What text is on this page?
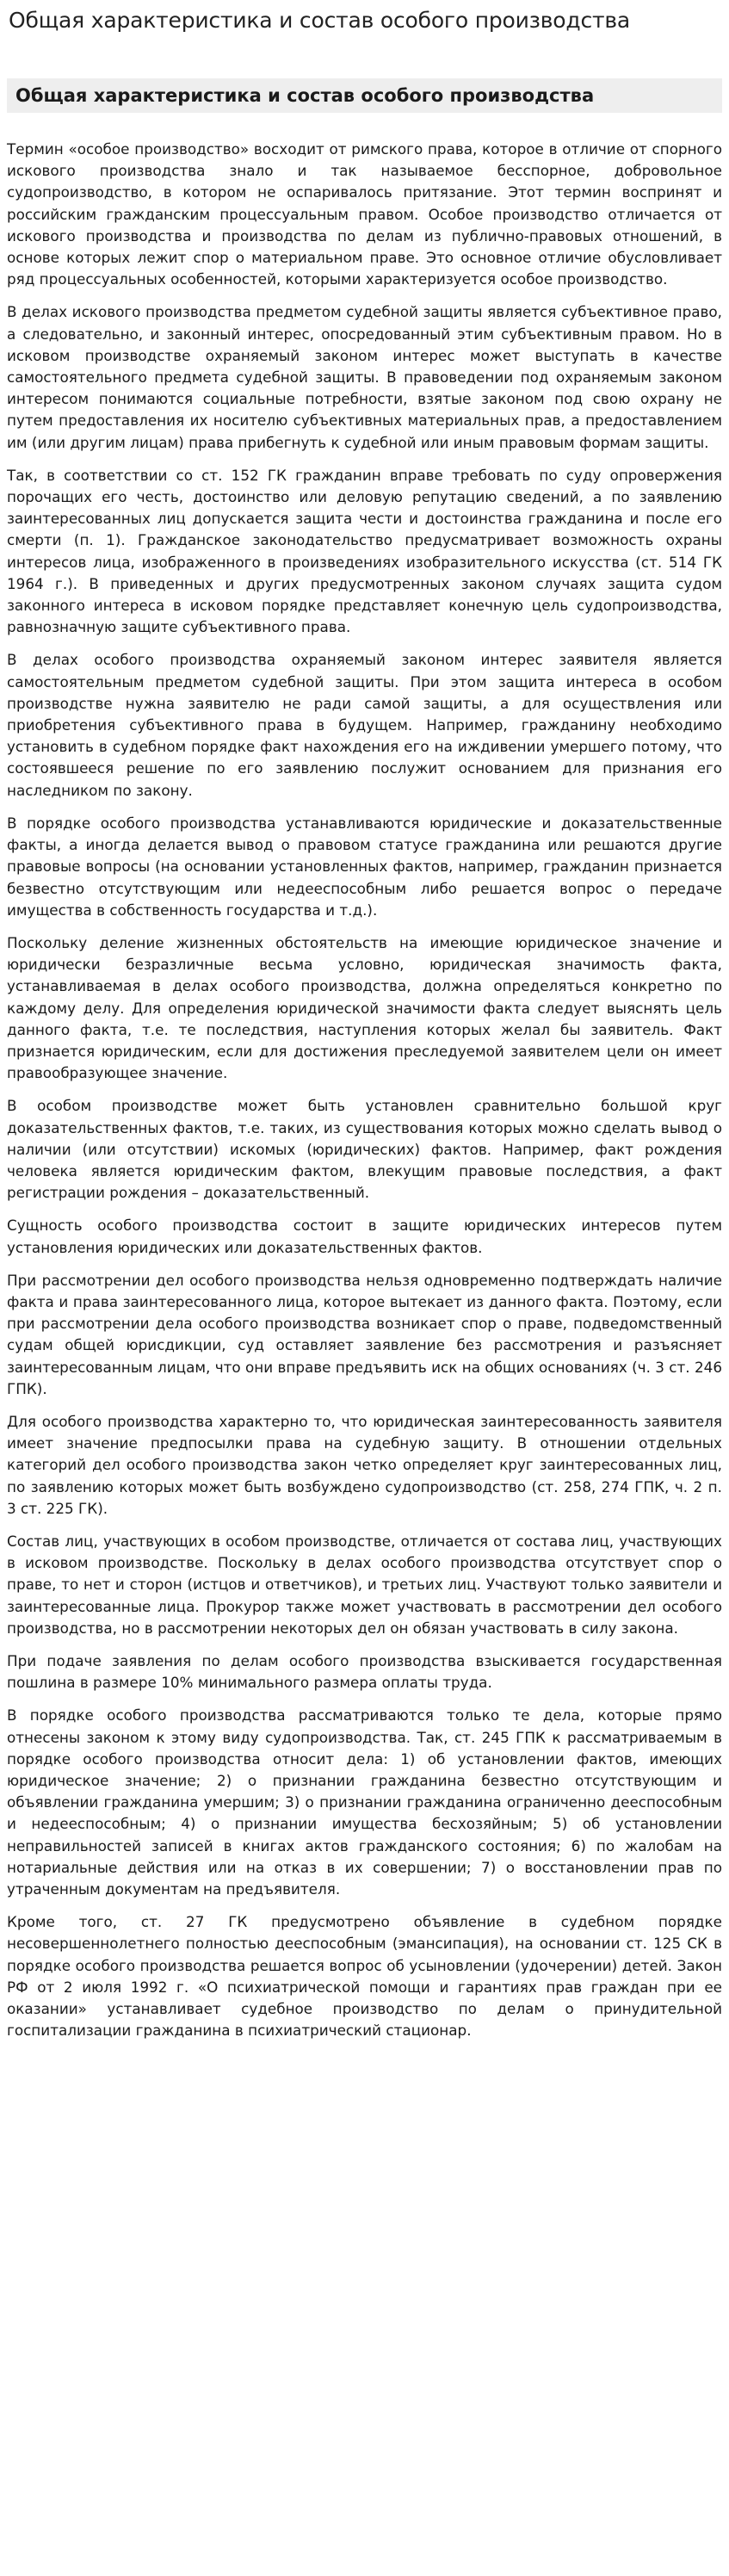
Общая характеристика и состав особого производства
Общая характеристика и состав особого производства

Термин «особое производство» восходит от римского права, которое в отличие от спорного искового производства знало и так называемое бесспорное, добровольное судопроизводство, в котором не оспаривалось притязание. Этот термин воспринят и российским гражданским процессуальным правом. Особое производство отличается от искового производства и производства по делам из публично-правовых отношений, в основе которых лежит спор о материальном праве. Это основное отличие обусловливает ряд процессуальных особенностей, которыми характеризуется особое производство.

В делах искового производства предметом судебной защиты является субъективное право, а следовательно, и законный интерес, опосредованный этим субъективным правом. Но в исковом производстве охраняемый законом интерес может выступать в качестве самостоятельного предмета судебной защиты. В правоведении под охраняемым законом интересом понимаются социальные потребности, взятые законом под свою охрану не путем предоставления их носителю субъективных материальных прав, а предоставлением им (или другим лицам) права прибегнуть к судебной или иным правовым формам защиты.

Так, в соответствии со ст. 152 ГК гражданин вправе требовать по суду опровержения порочащих его честь, достоинство или деловую репутацию сведений, а по заявлению заинтересованных лиц допускается защита чести и достоинства гражданина и после его смерти (п. 1). Гражданское законодательство предусматривает возможность охраны интересов лица, изображенного в произведениях изобразительного искусства (ст. 514 ГК 1964 г.). В приведенных и других предусмотренных законом случаях защита судом законного интереса в исковом порядке представляет конечную цель судопроизводства, равнозначную защите субъективного права.

В делах особого производства охраняемый законом интерес заявителя является самостоятельным предметом судебной защиты. При этом защита интереса в особом производстве нужна заявителю не ради самой защиты, а для осуществления или приобретения субъективного права в будущем. Например, гражданину необходимо установить в судебном порядке факт нахождения его на иждивении умершего потому, что состоявшееся решение по его заявлению послужит основанием для признания его наследником по закону.

В порядке особого производства устанавливаются юридические и доказательственные факты, а иногда делается вывод о правовом статусе гражданина или решаются другие правовые вопросы (на основании установленных фактов, например, гражданин признается безвестно отсутствующим или недееспособным либо решается вопрос о передаче имущества в собственность государства и т.д.).

Поскольку деление жизненных обстоятельств на имеющие юридическое значение и юридически безразличные весьма условно, юридическая значимость факта, устанавливаемая в делах особого производства, должна определяться конкретно по каждому делу. Для определения юридической значимости факта следует выяснять цель данного факта, т.е. те последствия, наступления которых желал бы заявитель. Факт признается юридическим, если для достижения преследуемой заявителем цели он имеет правообразующее значение.

В особом производстве может быть установлен сравнительно большой круг доказательственных фактов, т.е. таких, из существования которых можно сделать вывод о наличии (или отсутствии) искомых (юридических) фактов. Например, факт рождения человека является юридическим фактом, влекущим правовые последствия, а факт регистрации рождения – доказательственный.

Сущность особого производства состоит в защите юридических интересов путем установления юридических или доказательственных фактов.

При рассмотрении дел особого производства нельзя одновременно подтверждать наличие факта и права заинтересованного лица, которое вытекает из данного факта. Поэтому, если при рассмотрении дела особого производства возникает спор о праве, подведомственный судам общей юрисдикции, суд оставляет заявление без рассмотрения и разъясняет заинтересованным лицам, что они вправе предъявить иск на общих основаниях (ч. 3 ст. 246 ГПК).

Для особого производства характерно то, что юридическая заинтересованность заявителя имеет значение предпосылки права на судебную защиту. В отношении отдельных категорий дел особого производства закон четко определяет круг заинтересованных лиц, по заявлению которых может быть возбуждено судопроизводство (ст. 258, 274 ГПК, ч. 2 п. 3 ст. 225 ГК).

Состав лиц, участвующих в особом производстве, отличается от состава лиц, участвующих в исковом производстве. Поскольку в делах особого производства отсутствует спор о праве, то нет и сторон (истцов и ответчиков), и третьих лиц. Участвуют только заявители и заинтересованные лица. Прокурор также может участвовать в рассмотрении дел особого производства, но в рассмотрении некоторых дел он обязан участвовать в силу закона.

При подаче заявления по делам особого производства взыскивается государственная пошлина в размере 10% минимального размера оплаты труда.

В порядке особого производства рассматриваются только те дела, которые прямо отнесены законом к этому виду судопроизводства. Так, ст. 245 ГПК к рассматриваемым в порядке особого производства относит дела: 1) об установлении фактов, имеющих юридическое значение; 2) о признании гражданина безвестно отсутствующим и объявлении гражданина умершим; 3) о признании гражданина ограниченно дееспособным и недееспособным; 4) о признании имущества бесхозяйным; 5) об установлении неправильностей записей в книгах актов гражданского состояния; 6) по жалобам на нотариальные действия или на отказ в их совершении; 7) о восстановлении прав по утраченным документам на предъявителя.

Кроме того, ст. 27 ГК предусмотрено объявление в судебном порядке несовершеннолетнего полностью дееспособным (эмансипация), на основании ст. 125 СК в порядке особого производства решается вопрос об усыновлении (удочерении) детей. Закон РФ от 2 июля 1992 г. «О психиатрической помощи и гарантиях прав граждан при ее оказании» устанавливает судебное производство по делам о принудительной госпитализации гражданина в психиатрический стационар.
